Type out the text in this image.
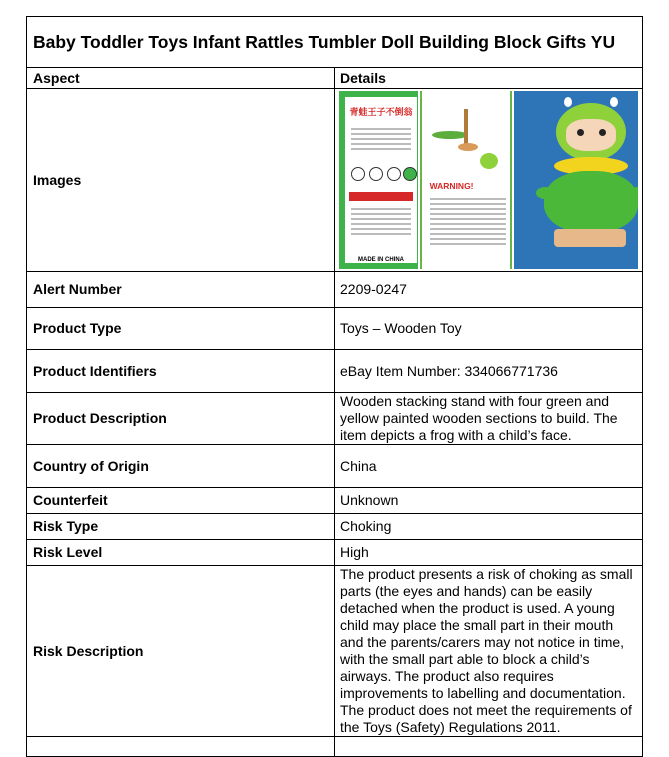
Baby Toddler Toys Infant Rattles Tumbler Doll Building Block Gifts YU	
Aspect	Details
Images	青蛙王子不倒翁
MADE IN CHINA
WARNING!

Alert Number	2209-0247
Product Type	Toys – Wooden Toy
Product Identifiers	eBay Item Number: 334066771736
Product Description	Wooden stacking stand with four green and yellow painted wooden sections to build. The item depicts a frog with a child’s face.
Country of Origin	China
Counterfeit	Unknown
Risk Type	Choking
Risk Level	High
Risk Description	The product presents a risk of choking as small parts (the eyes and hands) can be easily detached when the product is used. A young child may place the small part in their mouth and the parents/carers may not notice in time, with the small part able to block a child’s airways. The product also requires improvements to labelling and documentation. The product does not meet the requirements of the Toys (Safety) Regulations 2011.
